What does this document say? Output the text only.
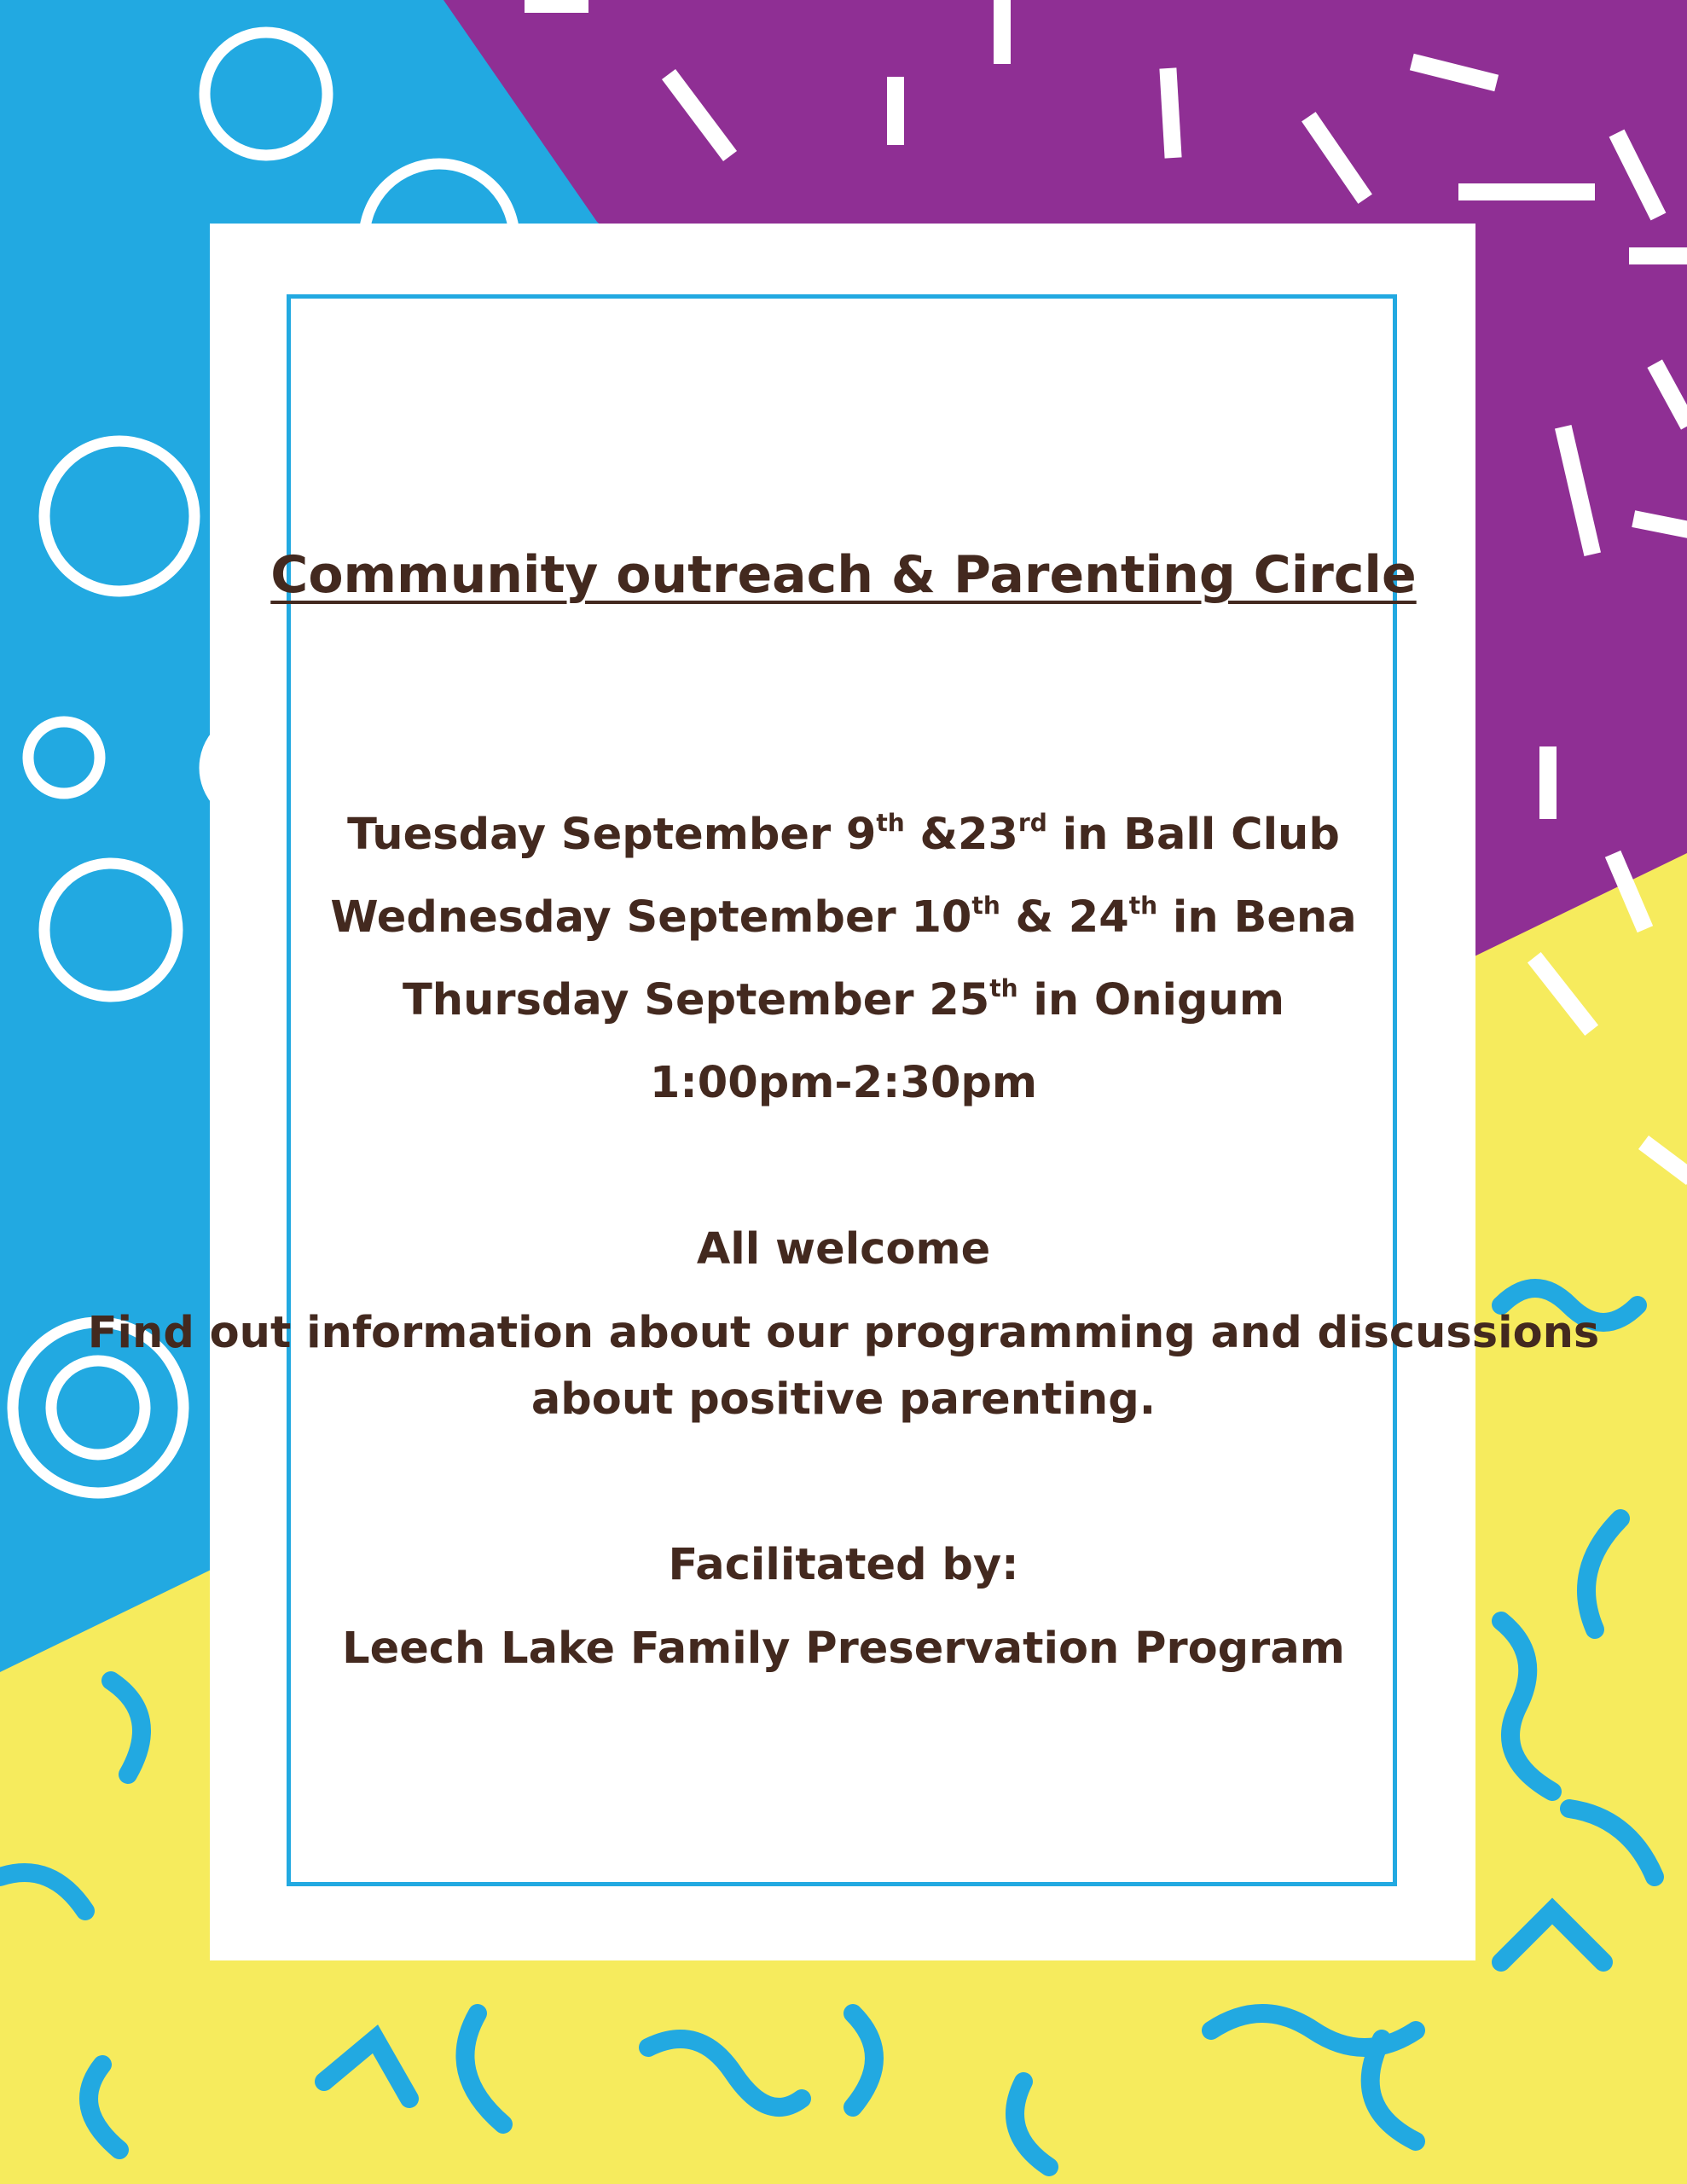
Community outreach & Parenting Circle
Tuesday September 9th &23rd in Ball Club
Wednesday September 10th & 24th in Bena
Thursday September 25th in Onigum
1:00pm-2:30pm
All welcome
Find out information about our programming and discussions
about positive parenting.
Facilitated by:
Leech Lake Family Preservation Program
